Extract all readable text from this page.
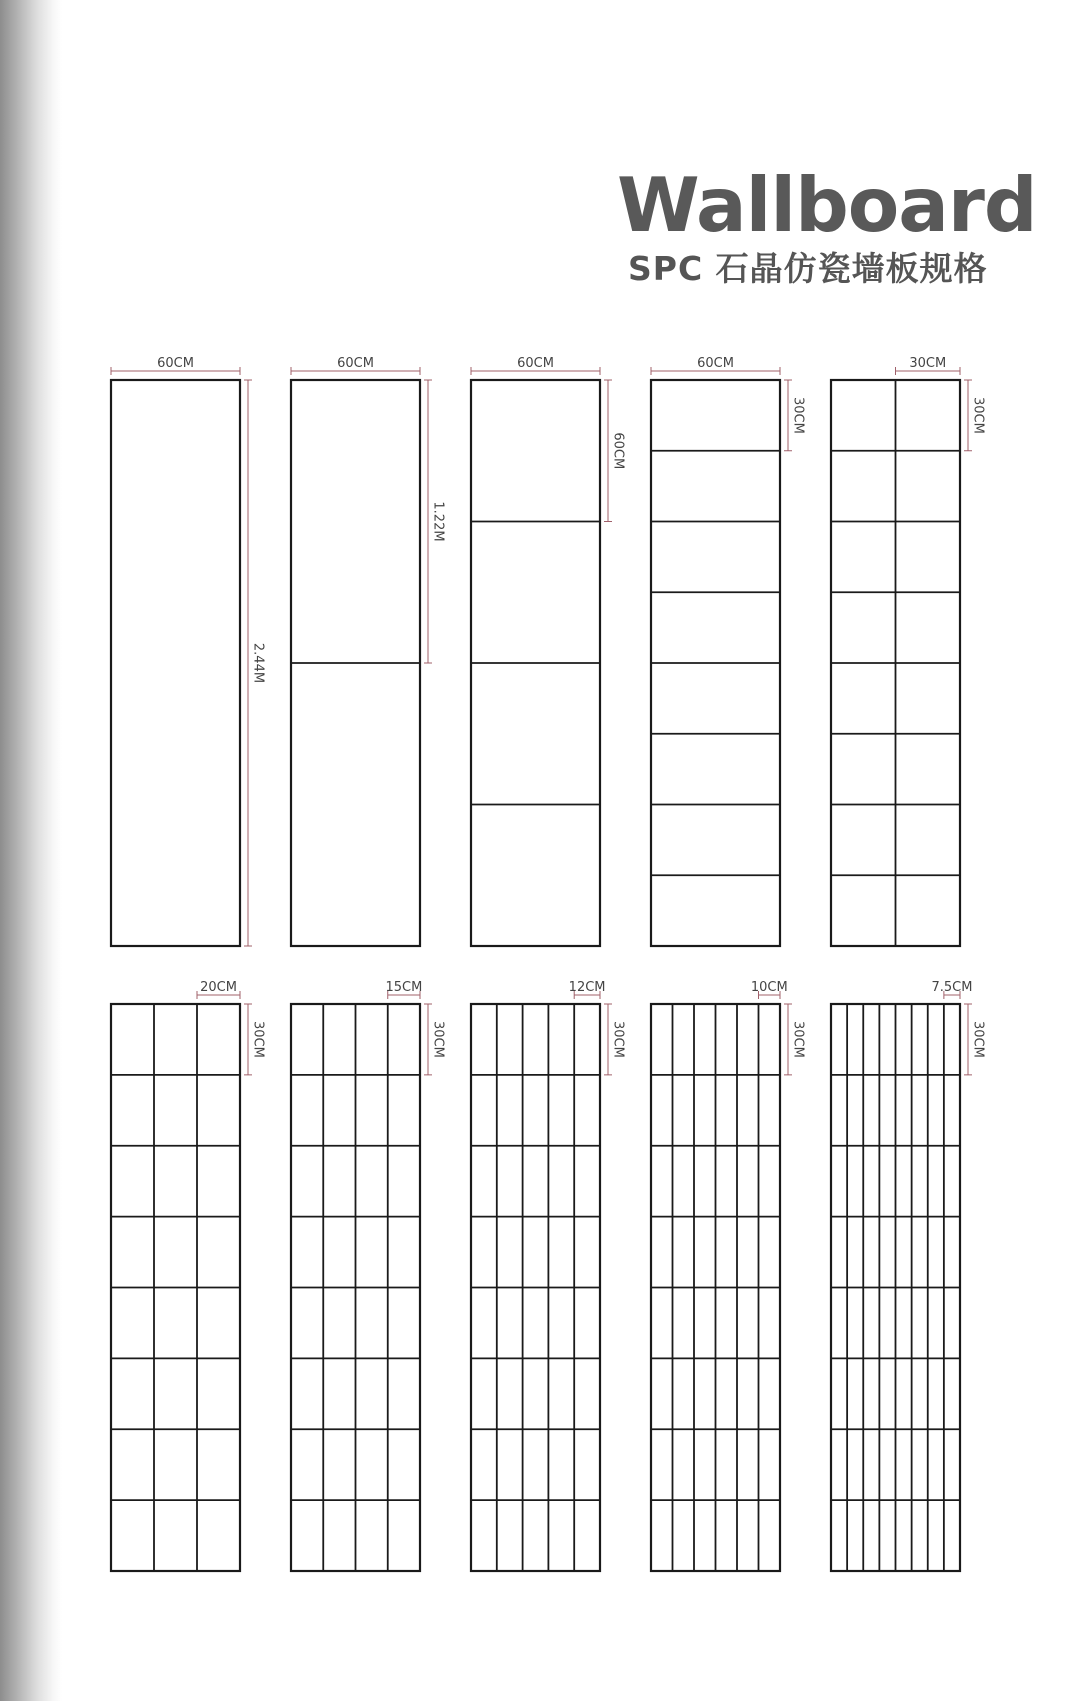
Wallboard
SPC 石晶仿瓷墙板规格
60CM
2.44M
60CM
1.22M
60CM
60CM
60CM
30CM
30CM
30CM
20CM
30CM
15CM
30CM
12CM
30CM
10CM
30CM
7.5CM
30CM
